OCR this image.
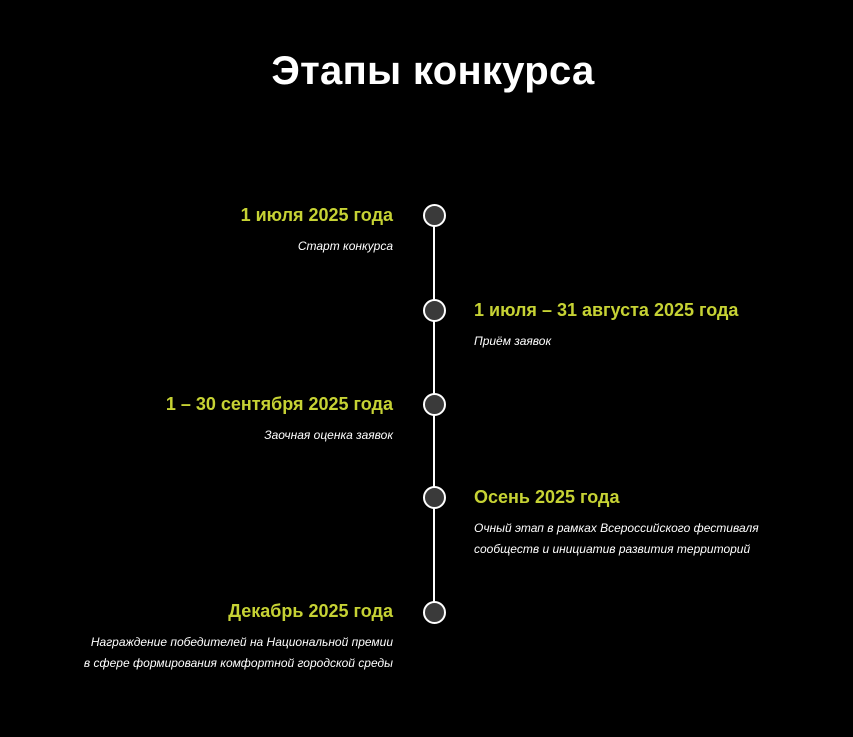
Этапы конкурса
1 июля 2025 года
Старт конкурса
1 июля – 31 августа 2025 года
Приём заявок
1 – 30 сентября 2025 года
Заочная оценка заявок
Осень 2025 года
Очный этап в рамках Всероссийского фестиваля
сообществ и инициатив развития территорий
Декабрь 2025 года
Награждение победителей на Национальной премии
в сфере формирования комфортной городской среды
